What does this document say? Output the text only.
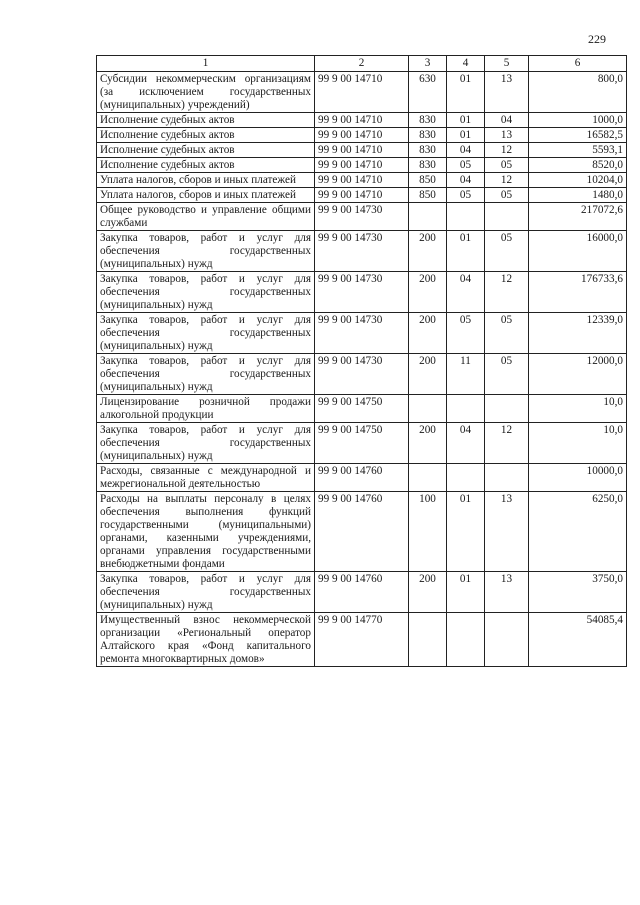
229
1	2	3	4	5	6
Субсидии некоммерческим организациям (за исключением государственных (муниципальных) учреждений)	99 9 00 14710	630	01	13	800,0
Исполнение судебных актов	99 9 00 14710	830	01	04	1000,0
Исполнение судебных актов	99 9 00 14710	830	01	13	16582,5
Исполнение судебных актов	99 9 00 14710	830	04	12	5593,1
Исполнение судебных актов	99 9 00 14710	830	05	05	8520,0
Уплата налогов, сборов и иных платежей	99 9 00 14710	850	04	12	10204,0
Уплата налогов, сборов и иных платежей	99 9 00 14710	850	05	05	1480,0
Общее руководство и управление общими службами	99 9 00 14730				217072,6
Закупка товаров, работ и услуг для обеспечения государственных (муниципальных) нужд	99 9 00 14730	200	01	05	16000,0
Закупка товаров, работ и услуг для обеспечения государственных (муниципальных) нужд	99 9 00 14730	200	04	12	176733,6
Закупка товаров, работ и услуг для обеспечения государственных (муниципальных) нужд	99 9 00 14730	200	05	05	12339,0
Закупка товаров, работ и услуг для обеспечения государственных (муниципальных) нужд	99 9 00 14730	200	11	05	12000,0
Лицензирование розничной продажи алкогольной продукции	99 9 00 14750				10,0
Закупка товаров, работ и услуг для обеспечения государственных (муниципальных) нужд	99 9 00 14750	200	04	12	10,0
Расходы, связанные с международной и межрегиональной деятельностью	99 9 00 14760				10000,0
Расходы на выплаты персоналу в целях обеспечения выполнения функций государственными (муниципальными) органами, казенными учреждениями, органами управления государственными внебюджетными фондами	99 9 00 14760	100	01	13	6250,0
Закупка товаров, работ и услуг для обеспечения государственных (муниципальных) нужд	99 9 00 14760	200	01	13	3750,0
Имущественный взнос некоммерческой организации «Региональный оператор Алтайского края «Фонд капитального ремонта многоквартирных домов»	99 9 00 14770				54085,4
